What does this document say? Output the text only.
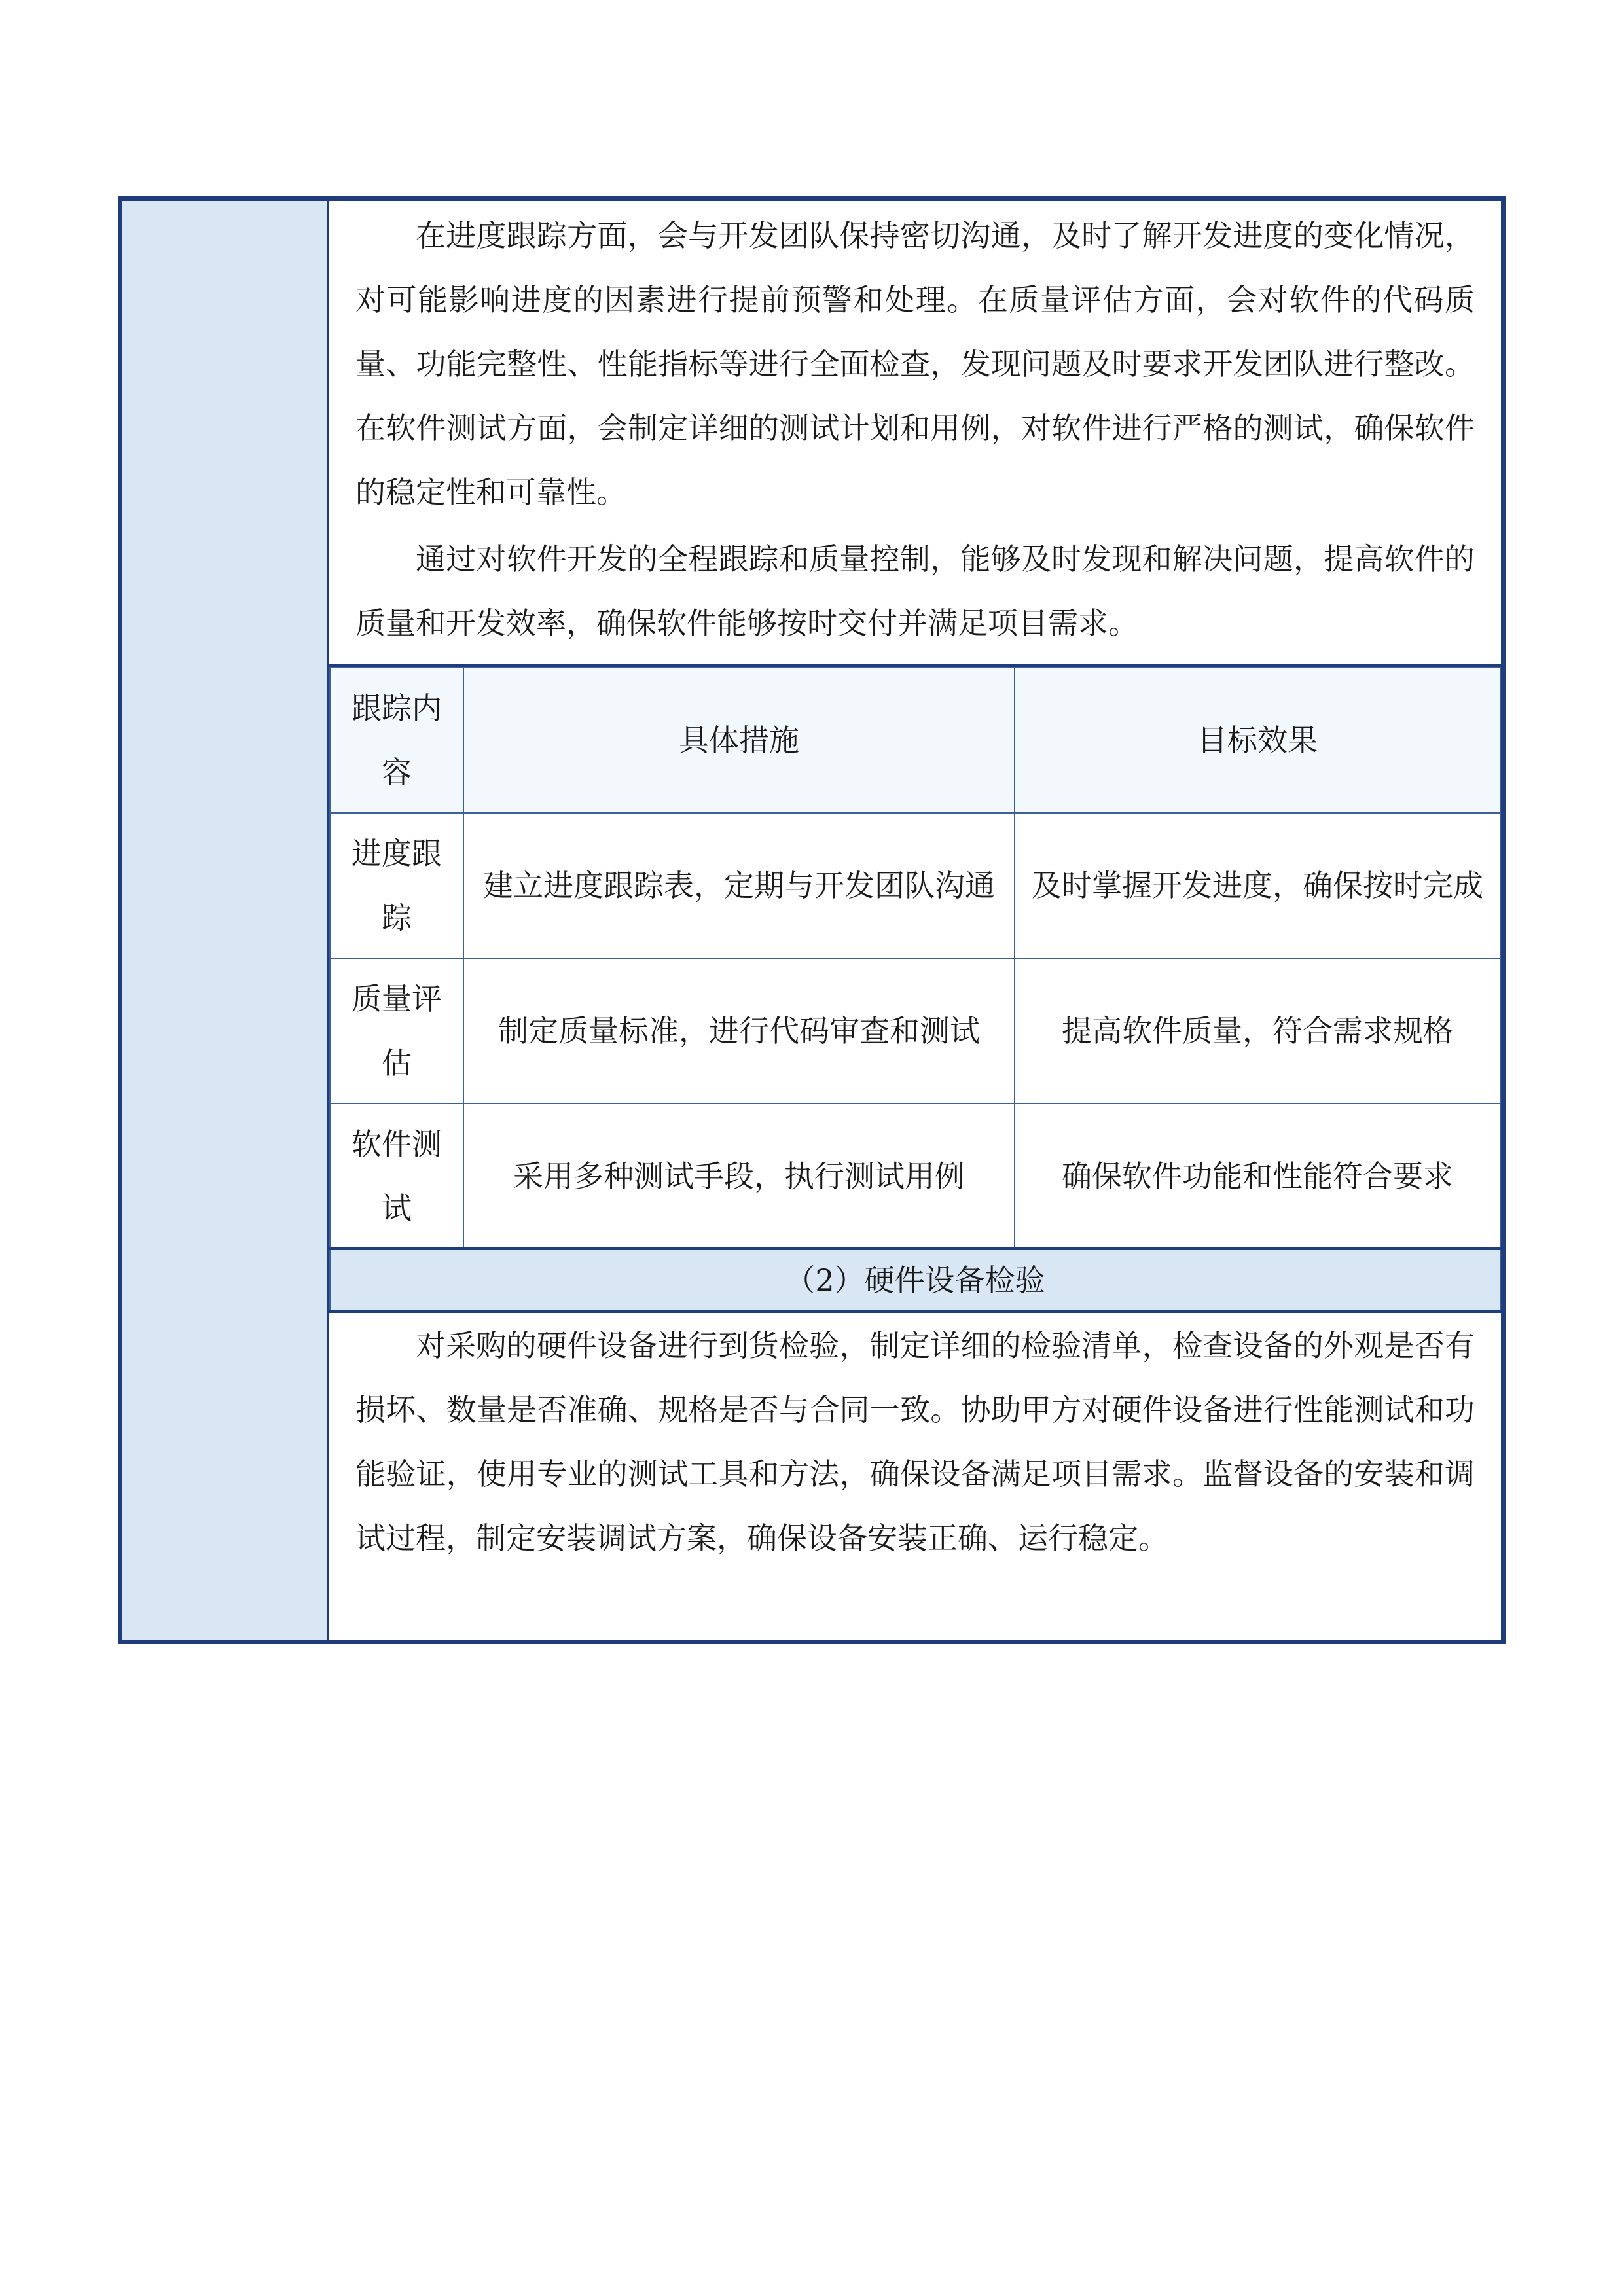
在进度跟踪方面，会与开发团队保持密切沟通，及时了解开发进度的变化情况，对可能影响进度的因素进行提前预警和处理。在质量评估方面，会对软件的代码质量、功能完整性、性能指标等进行全面检查，发现问题及时要求开发团队进行整改。在软件测试方面，会制定详细的测试计划和用例，对软件进行严格的测试，确保软件的稳定性和可靠性。

通过对软件开发的全程跟踪和质量控制，能够及时发现和解决问题，提高软件的质量和开发效率，确保软件能够按时交付并满足项目需求。

跟踪内容	具体措施	目标效果
进度跟踪	建立进度跟踪表，定期与开发团队沟通	及时掌握开发进度，确保按时完成
质量评估	制定质量标准，进行代码审查和测试	提高软件质量，符合需求规格
软件测试	采用多种测试手段，执行测试用例	确保软件功能和性能符合要求
（2）硬件设备检验		

对采购的硬件设备进行到货检验，制定详细的检验清单，检查设备的外观是否有损坏、数量是否准确、规格是否与合同一致。协助甲方对硬件设备进行性能测试和功能验证，使用专业的测试工具和方法，确保设备满足项目需求。监督设备的安装和调试过程，制定安装调试方案，确保设备安装正确、运行稳定。
